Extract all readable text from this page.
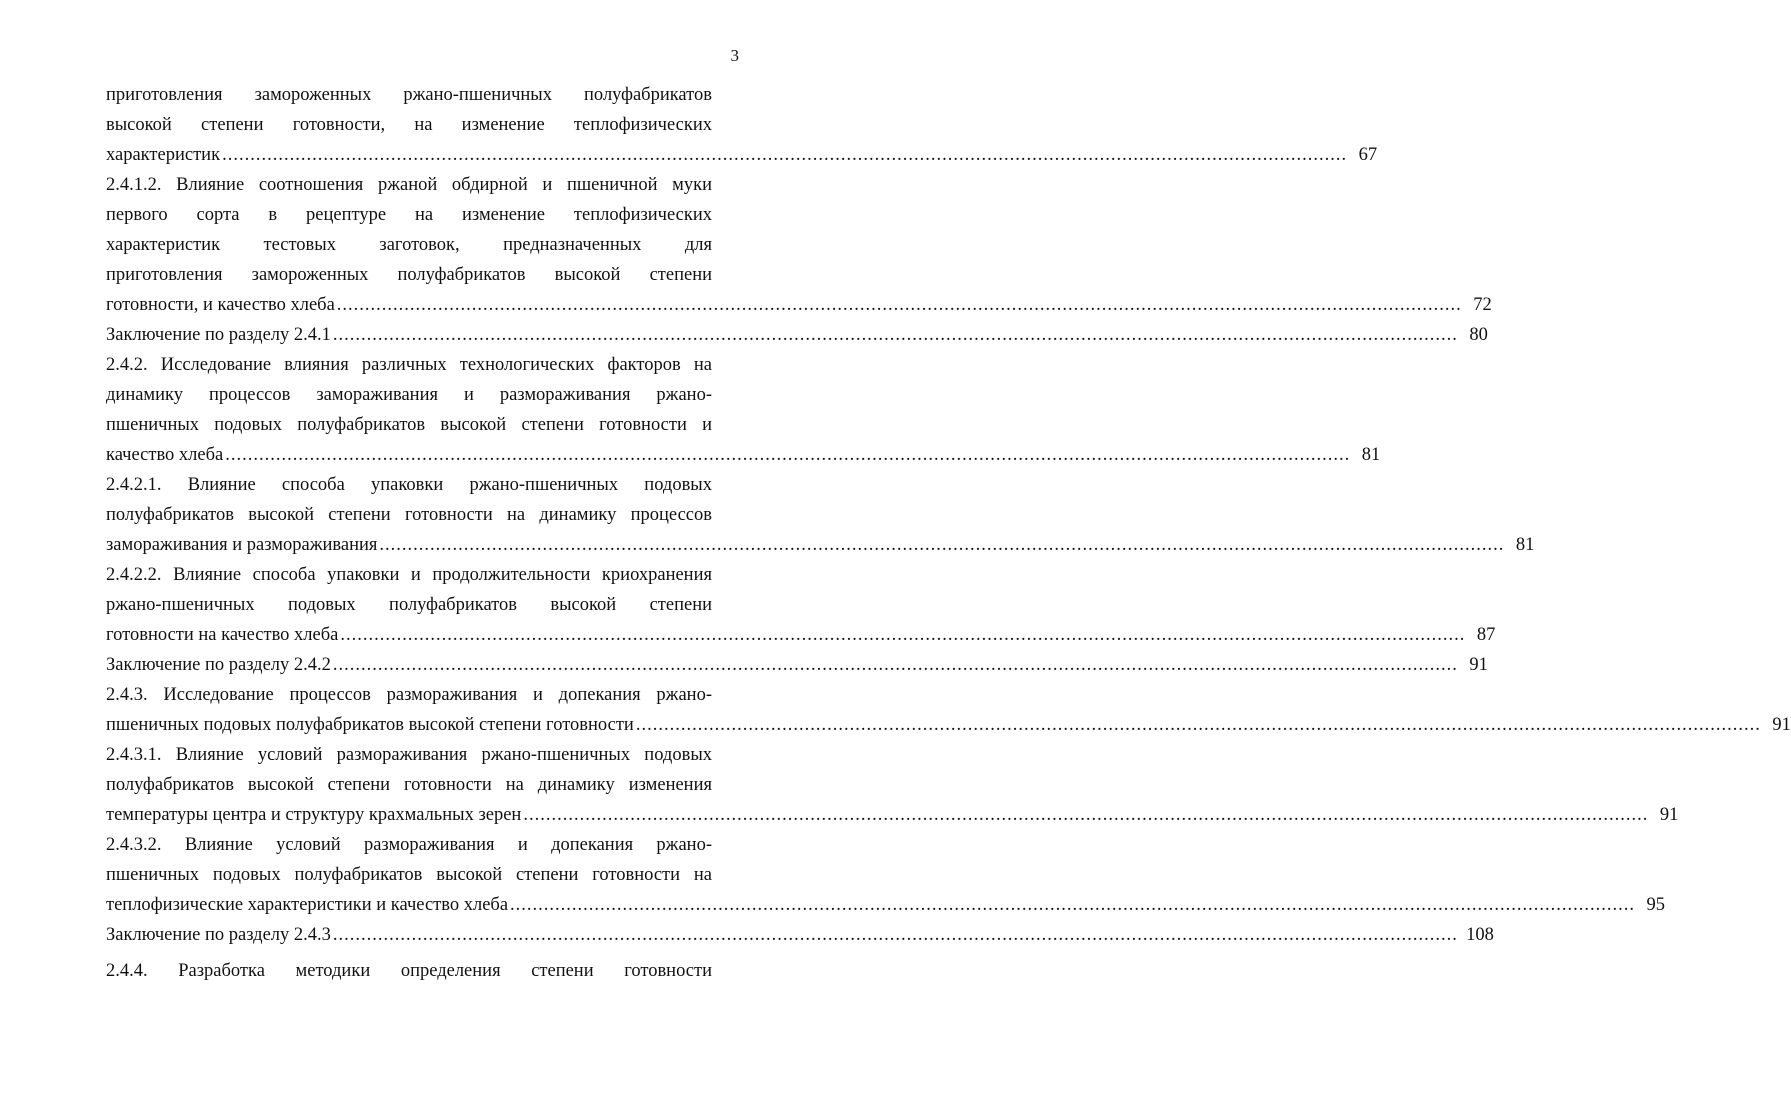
3
приготовления замороженных ржано-пшеничных полуфабрикатов
высокой степени готовности, на изменение теплофизических
характеристик ........................................................................................................................................................................................................ 67
2.4.1.2. Влияние соотношения ржаной обдирной и пшеничной муки
первого сорта в рецептуре на изменение теплофизических
характеристик тестовых заготовок, предназначенных для
приготовления замороженных полуфабрикатов высокой степени
готовности, и качество хлеба ........................................................................................................................................................................................................ 72
Заключение по разделу 2.4.1 ........................................................................................................................................................................................................ 80
2.4.2. Исследование влияния различных технологических факторов на
динамику процессов замораживания и размораживания ржано-
пшеничных подовых полуфабрикатов высокой степени готовности и
качество хлеба ........................................................................................................................................................................................................ 81
2.4.2.1. Влияние способа упаковки ржано-пшеничных подовых
полуфабрикатов высокой степени готовности на динамику процессов
замораживания и размораживания ........................................................................................................................................................................................................ 81
2.4.2.2. Влияние способа упаковки и продолжительности криохранения
ржано-пшеничных подовых полуфабрикатов высокой степени
готовности на качество хлеба ........................................................................................................................................................................................................ 87
Заключение по разделу 2.4.2 ........................................................................................................................................................................................................ 91
2.4.3. Исследование процессов размораживания и допекания ржано-
пшеничных подовых полуфабрикатов высокой степени готовности ........................................................................................................................................................................................................ 91
2.4.3.1. Влияние условий размораживания ржано-пшеничных подовых
полуфабрикатов высокой степени готовности на динамику изменения
температуры центра и структуру крахмальных зерен ........................................................................................................................................................................................................ 91
2.4.3.2. Влияние условий размораживания и допекания ржано-
пшеничных подовых полуфабрикатов высокой степени готовности на
теплофизические характеристики и качество хлеба ........................................................................................................................................................................................................ 95
Заключение по разделу 2.4.3 ........................................................................................................................................................................................................ 108
2.4.4. Разработка методики определения степени готовности
